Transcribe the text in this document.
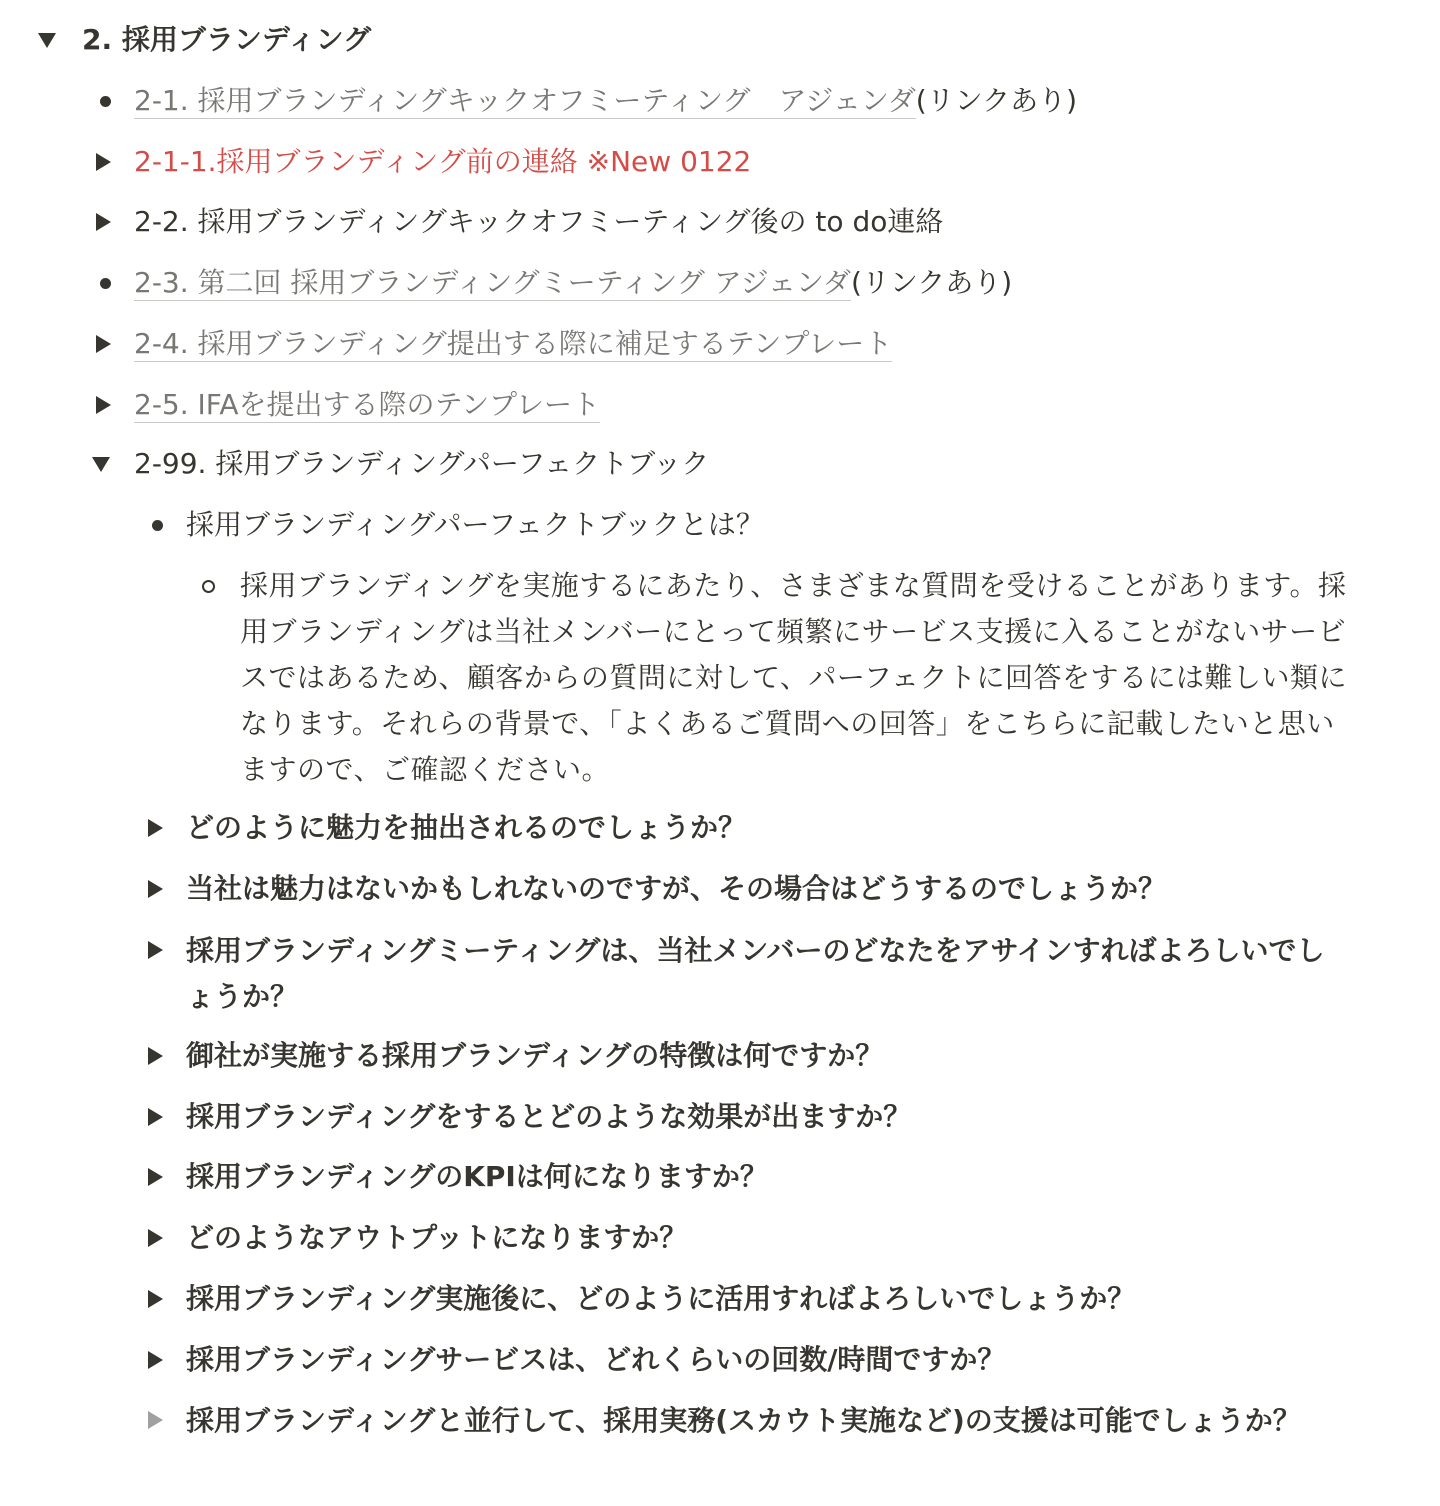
2. 採用ブランディング
2-1. 採用ブランディングキックオフミーティング　アジェンダ(リンクあり)
2-1-1.採用ブランディング前の連絡 ※New 0122
2-2. 採用ブランディングキックオフミーティング後の to do連絡
2-3. 第二回 採用ブランディングミーティング アジェンダ(リンクあり)
2-4. 採用ブランディング提出する際に補足するテンプレート
2-5. IFAを提出する際のテンプレート
2-99. 採用ブランディングパーフェクトブック
採用ブランディングパーフェクトブックとは？
採用ブランディングを実施するにあたり、さまざまな質問を受けることがあります。採用ブランディングは当社メンバーにとって頻繁にサービス支援に入ることがないサービスではあるため、顧客からの質問に対して、パーフェクトに回答をするには難しい類になります。それらの背景で、「よくあるご質問への回答」をこちらに記載したいと思いますので、ご確認ください。
どのように魅力を抽出されるのでしょうか？
当社は魅力はないかもしれないのですが、その場合はどうするのでしょうか？
採用ブランディングミーティングは、当社メンバーのどなたをアサインすればよろしいでしょうか？
御社が実施する採用ブランディングの特徴は何ですか？
採用ブランディングをするとどのような効果が出ますか？
採用ブランディングのKPIは何になりますか？
どのようなアウトプットになりますか？
採用ブランディング実施後に、どのように活用すればよろしいでしょうか？
採用ブランディングサービスは、どれくらいの回数/時間ですか？
採用ブランディングと並行して、採用実務(スカウト実施など)の支援は可能でしょうか？
